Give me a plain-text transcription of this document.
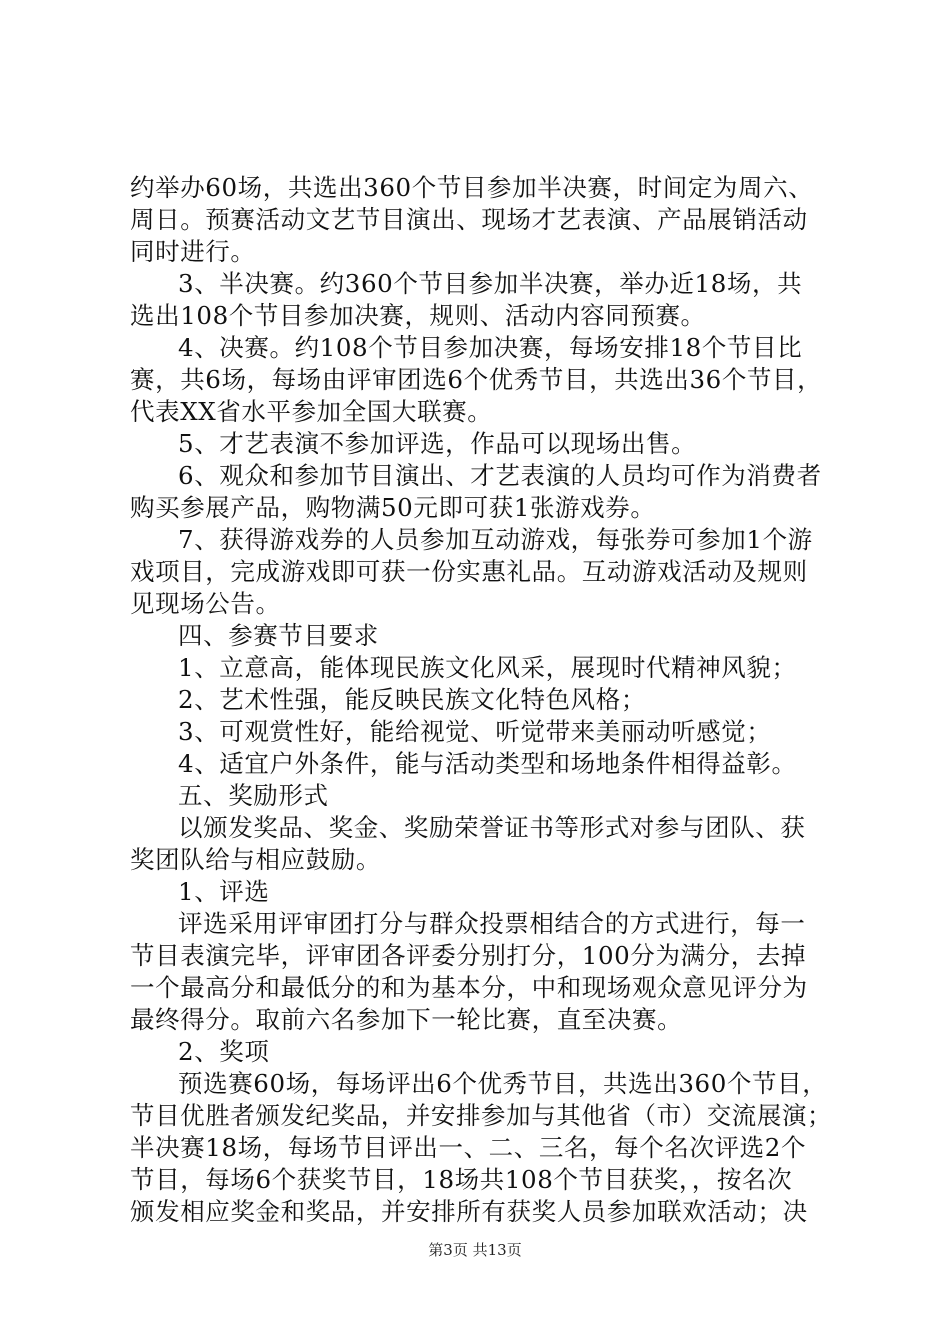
约举办60场，共选出360个节目参加半决赛，时间定为周六、
周日。预赛活动文艺节目演出、现场才艺表演、产品展销活动
同时进行。
3、半决赛。约360个节目参加半决赛，举办近18场，共
选出108个节目参加决赛，规则、活动内容同预赛。
4、决赛。约108个节目参加决赛，每场安排18个节目比
赛，共6场，每场由评审团选6个优秀节目，共选出36个节目，
代表XX省水平参加全国大联赛。
5、才艺表演不参加评选，作品可以现场出售。
6、观众和参加节目演出、才艺表演的人员均可作为消费者
购买参展产品，购物满50元即可获1张游戏券。
7、获得游戏券的人员参加互动游戏，每张券可参加1个游
戏项目，完成游戏即可获一份实惠礼品。互动游戏活动及规则
见现场公告。
四、参赛节目要求
1、立意高，能体现民族文化风采，展现时代精神风貌；
2、艺术性强，能反映民族文化特色风格；
3、可观赏性好，能给视觉、听觉带来美丽动听感觉；
4、适宜户外条件，能与活动类型和场地条件相得益彰。
五、奖励形式
以颁发奖品、奖金、奖励荣誉证书等形式对参与团队、获
奖团队给与相应鼓励。
1、评选
评选采用评审团打分与群众投票相结合的方式进行，每一
节目表演完毕，评审团各评委分别打分，100分为满分，去掉
一个最高分和最低分的和为基本分，中和现场观众意见评分为
最终得分。取前六名参加下一轮比赛，直至决赛。
2、奖项
预选赛60场，每场评出6个优秀节目，共选出360个节目，
节目优胜者颁发纪奖品，并安排参加与其他省（市）交流展演；
半决赛18场，每场节目评出一、二、三名，每个名次评选2个
节目，每场6个获奖节目，18场共108个节目获奖，，按名次
颁发相应奖金和奖品，并安排所有获奖人员参加联欢活动；决
第3页 共13页
